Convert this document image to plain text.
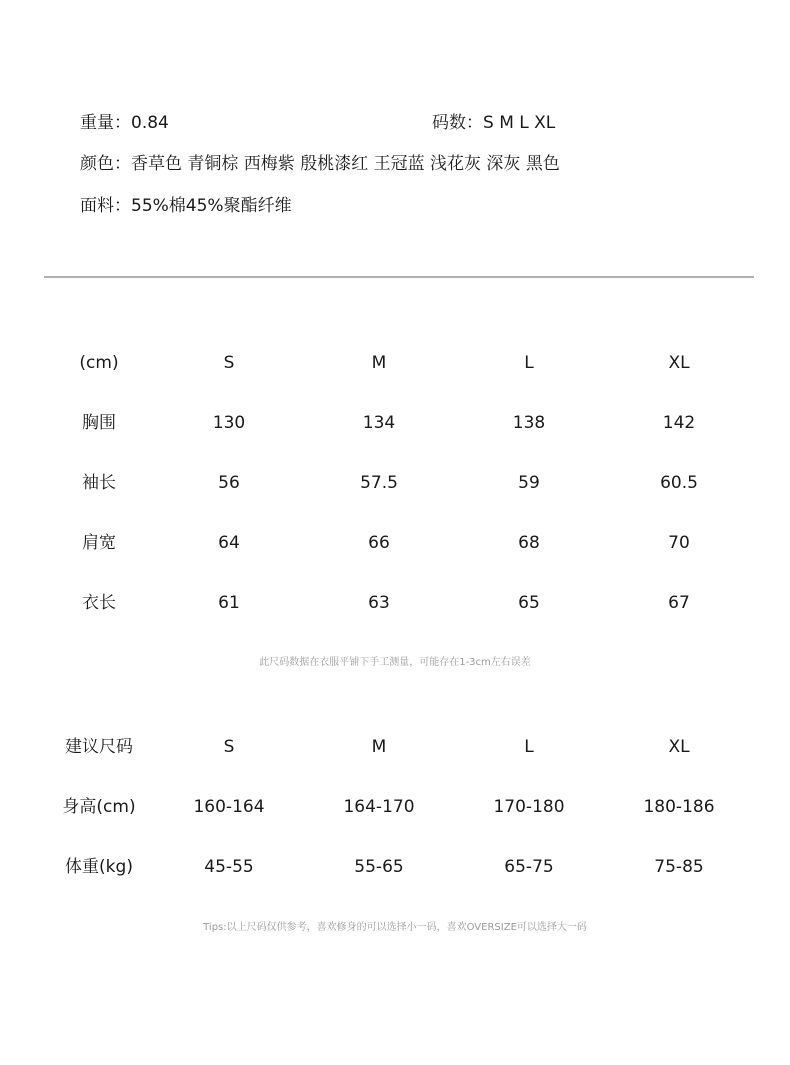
重量：0.84	码数：S M L XL
颜色：香草色 青铜棕 西梅紫 殷桃漆红 王冠蓝 浅花灰 深灰 黑色
面料：55%棉45%聚酯纤维
(cm)	S	M	L	XL
胸围	130	134	138	142
袖长	56	57.5	59	60.5
肩宽	64	66	68	70
衣长	61	63	65	67
此尺码数据在衣服平铺下手工测量，可能存在1-3cm左右误差
建议尺码	S	M	L	XL
身高(cm)	160-164	164-170	170-180	180-186
体重(kg)	45-55	55-65	65-75	75-85
Tips:以上尺码仅供参考，喜欢修身的可以选择小一码，喜欢OVERSIZE可以选择大一码
